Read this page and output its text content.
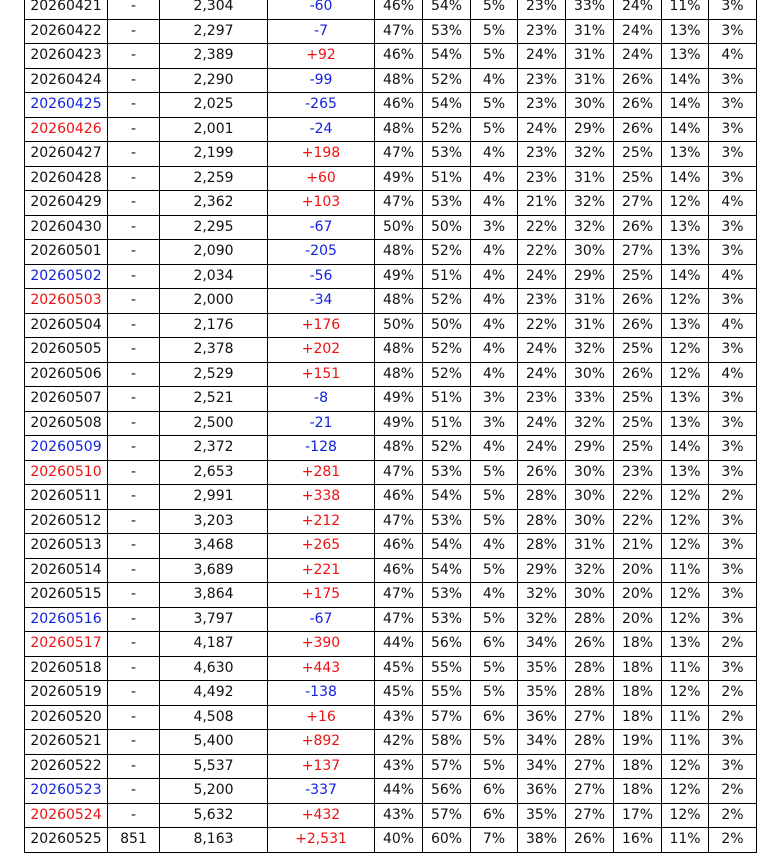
20260421	-	2,304	-60	46%	54%	5%	23%	33%	24%	11%	3%
20260422	-	2,297	-7	47%	53%	5%	23%	31%	24%	13%	3%
20260423	-	2,389	+92	46%	54%	5%	24%	31%	24%	13%	4%
20260424	-	2,290	-99	48%	52%	4%	23%	31%	26%	14%	3%
20260425	-	2,025	-265	46%	54%	5%	23%	30%	26%	14%	3%
20260426	-	2,001	-24	48%	52%	5%	24%	29%	26%	14%	3%
20260427	-	2,199	+198	47%	53%	4%	23%	32%	25%	13%	3%
20260428	-	2,259	+60	49%	51%	4%	23%	31%	25%	14%	3%
20260429	-	2,362	+103	47%	53%	4%	21%	32%	27%	12%	4%
20260430	-	2,295	-67	50%	50%	3%	22%	32%	26%	13%	3%
20260501	-	2,090	-205	48%	52%	4%	22%	30%	27%	13%	3%
20260502	-	2,034	-56	49%	51%	4%	24%	29%	25%	14%	4%
20260503	-	2,000	-34	48%	52%	4%	23%	31%	26%	12%	3%
20260504	-	2,176	+176	50%	50%	4%	22%	31%	26%	13%	4%
20260505	-	2,378	+202	48%	52%	4%	24%	32%	25%	12%	3%
20260506	-	2,529	+151	48%	52%	4%	24%	30%	26%	12%	4%
20260507	-	2,521	-8	49%	51%	3%	23%	33%	25%	13%	3%
20260508	-	2,500	-21	49%	51%	3%	24%	32%	25%	13%	3%
20260509	-	2,372	-128	48%	52%	4%	24%	29%	25%	14%	3%
20260510	-	2,653	+281	47%	53%	5%	26%	30%	23%	13%	3%
20260511	-	2,991	+338	46%	54%	5%	28%	30%	22%	12%	2%
20260512	-	3,203	+212	47%	53%	5%	28%	30%	22%	12%	3%
20260513	-	3,468	+265	46%	54%	4%	28%	31%	21%	12%	3%
20260514	-	3,689	+221	46%	54%	5%	29%	32%	20%	11%	3%
20260515	-	3,864	+175	47%	53%	4%	32%	30%	20%	12%	3%
20260516	-	3,797	-67	47%	53%	5%	32%	28%	20%	12%	3%
20260517	-	4,187	+390	44%	56%	6%	34%	26%	18%	13%	2%
20260518	-	4,630	+443	45%	55%	5%	35%	28%	18%	11%	3%
20260519	-	4,492	-138	45%	55%	5%	35%	28%	18%	12%	2%
20260520	-	4,508	+16	43%	57%	6%	36%	27%	18%	11%	2%
20260521	-	5,400	+892	42%	58%	5%	34%	28%	19%	11%	3%
20260522	-	5,537	+137	43%	57%	5%	34%	27%	18%	12%	3%
20260523	-	5,200	-337	44%	56%	6%	36%	27%	18%	12%	2%
20260524	-	5,632	+432	43%	57%	6%	35%	27%	17%	12%	2%
20260525	851	8,163	+2,531	40%	60%	7%	38%	26%	16%	11%	2%
